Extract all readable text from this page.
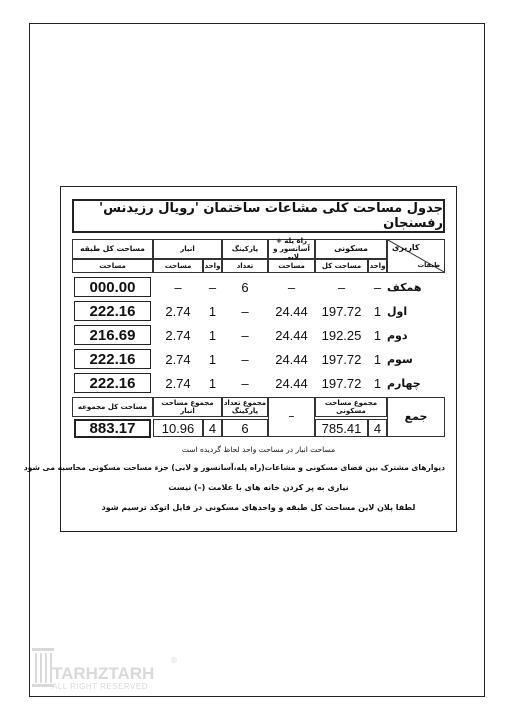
جدول مساحت کلی مشاعات ساختمان 'رویال رزیدنس' رفسنجان
کاربری
طبقات
مسکونی
واحد
مساحت کل
راه پله +
آسانسور و لابی
مساحت
پارکینگ
تعداد
انبار
واحد
مساحت
مساحت کل طبقه
مساحت
همکف
–
–
–
6
–
–
000.00
اول
1
197.72
24.44
–
1
2.74
222.16
دوم
1
192.25
24.44
–
1
2.74
216.69
سوم
1
197.72
24.44
–
1
2.74
222.16
چهارم
1
197.72
24.44
–
1
2.74
222.16
جمع
مجموع مساحت مسکونی
4
785.41
–
مجموع تعداد پارکینگ
6
مجموع مساحت انبار
4
10.96
مساحت کل مجموعه
883.17
مساحت انبار در مساحت واحد لحاظ گردیده است
دیوارهای مشترک بین فضای مسکونی و مشاعات(راه پله،آسانسور و لابی) جزء مساحت مسکونی محاسبه می شود
نیازی به پر کردن خانه های با علامت (–) نیست
لطفا پلان لاین مساحت کل طبقه و واحدهای مسکونی در فایل اتوکد ترسیم شود
TARHZTARH
ALL RIGHT RESERVED
®
